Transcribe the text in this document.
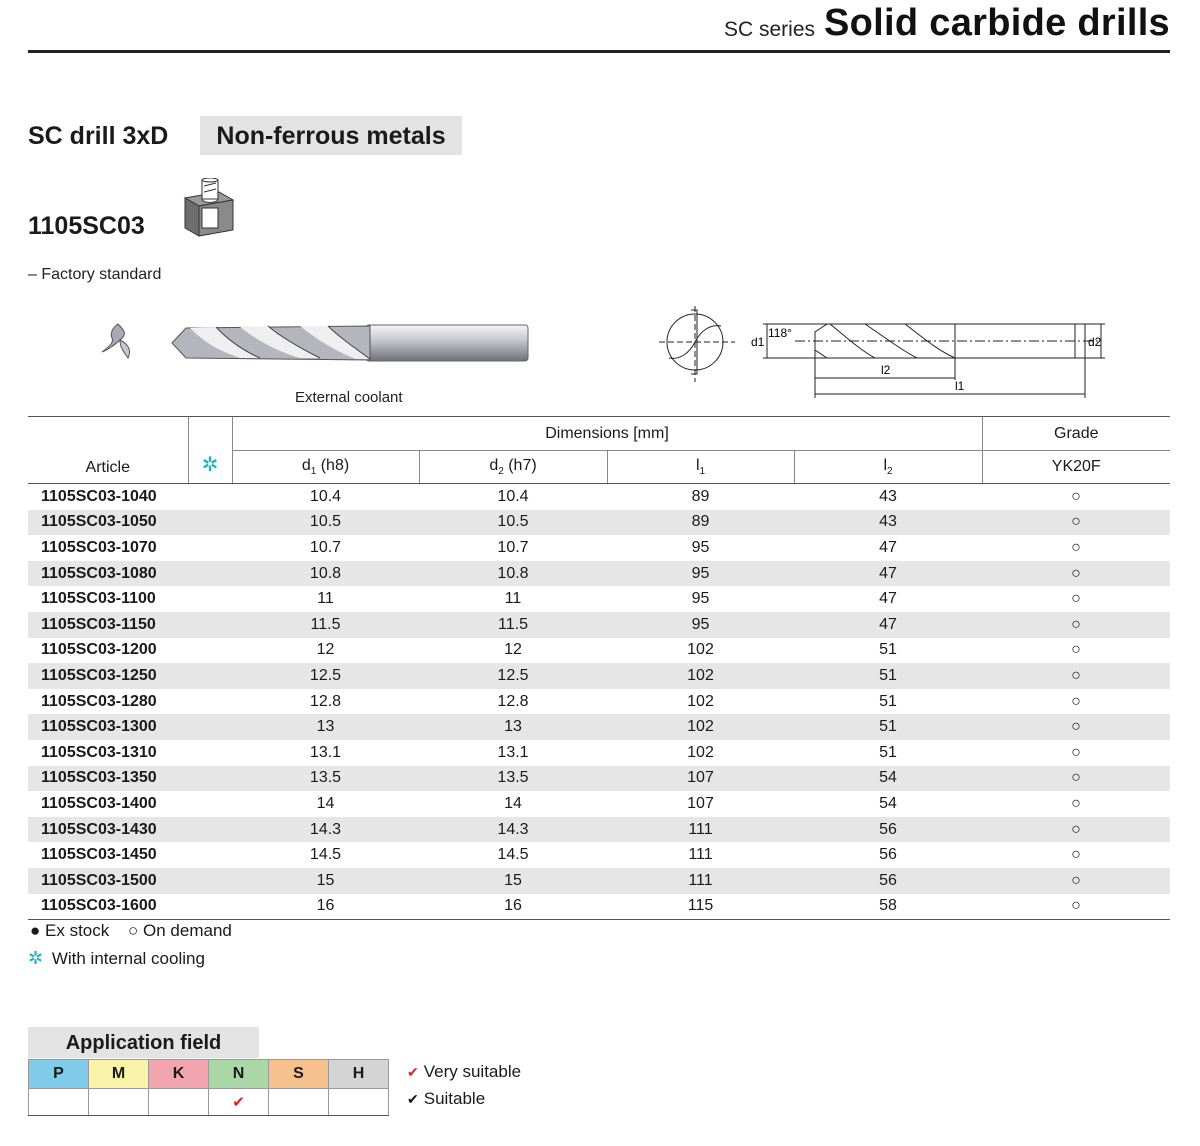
SC series Solid carbide drills
SC drill 3xD	Non-ferrous metals
1105SC03
– Factory standard
External coolant
118°
d1	d2
l2
l1
Article	✲	Dimensions [mm]				Grade
		$d_1$ (h8)	$d_2$ (h7)	$l_1$	$l_2$	YK20F
1105SC03-1040		10.4	10.4	89	43	○
1105SC03-1050		10.5	10.5	89	43	○
1105SC03-1070		10.7	10.7	95	47	○
1105SC03-1080		10.8	10.8	95	47	○
1105SC03-1100		11	11	95	47	○
1105SC03-1150		11.5	11.5	95	47	○
1105SC03-1200		12	12	102	51	○
1105SC03-1250		12.5	12.5	102	51	○
1105SC03-1280		12.8	12.8	102	51	○
1105SC03-1300		13	13	102	51	○
1105SC03-1310		13.1	13.1	102	51	○
1105SC03-1350		13.5	13.5	107	54	○
1105SC03-1400		14	14	107	54	○
1105SC03-1430		14.3	14.3	111	56	○
1105SC03-1450		14.5	14.5	111	56	○
1105SC03-1500		15	15	111	56	○
1105SC03-1600		16	16	115	58	○
● Ex stock ○ On demand
✲ With internal cooling
Application field
P	M	K	N	S	H
			✔		
✔ Very suitable
✔ Suitable
